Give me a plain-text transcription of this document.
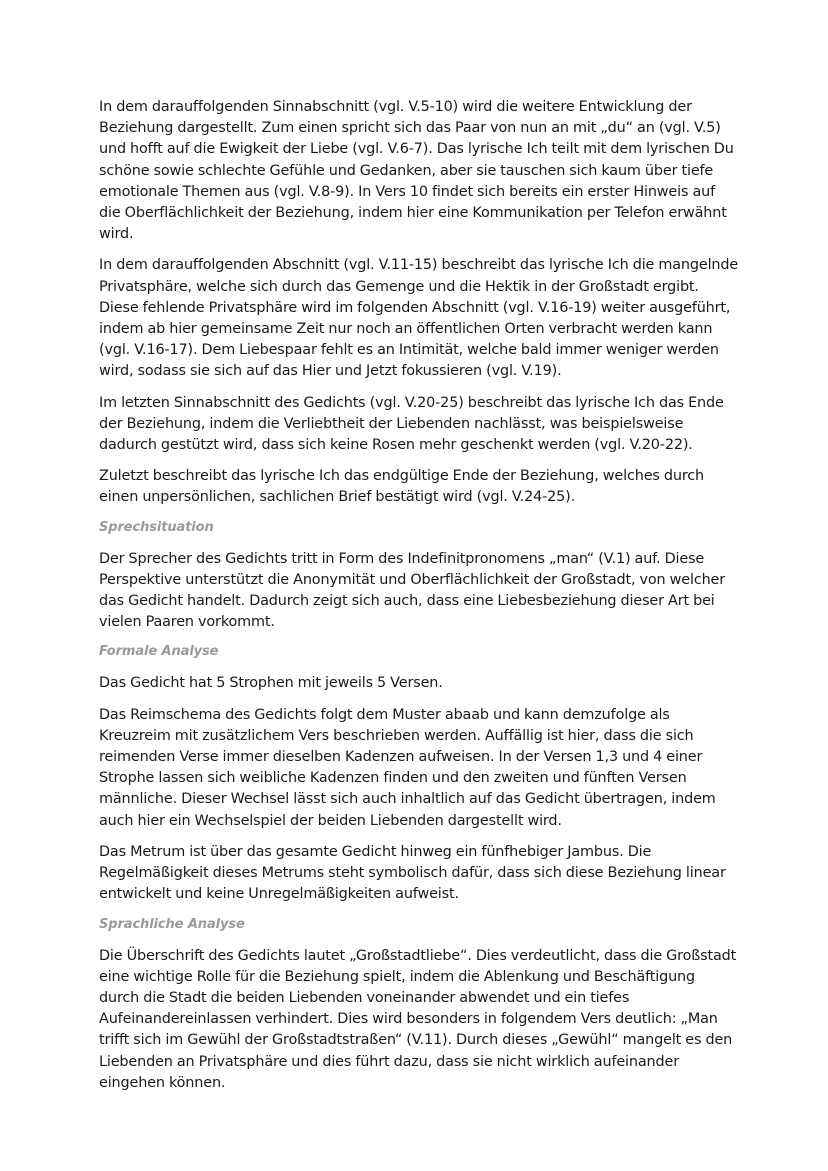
In dem darauffolgenden Sinnabschnitt (vgl. V.5-10) wird die weitere Entwicklung der Beziehung dargestellt. Zum einen spricht sich das Paar von nun an mit „du“ an (vgl. V.5) und hofft auf die Ewigkeit der Liebe (vgl. V.6-7). Das lyrische Ich teilt mit dem lyrischen Du schöne sowie schlechte Gefühle und Gedanken, aber sie tauschen sich kaum über tiefe emotionale Themen aus (vgl. V.8-9). In Vers 10 findet sich bereits ein erster Hinweis auf die Oberflächlichkeit der Beziehung, indem hier eine Kommunikation per Telefon erwähnt wird.

In dem darauffolgenden Abschnitt (vgl. V.11-15) beschreibt das lyrische Ich die mangelnde Privatsphäre, welche sich durch das Gemenge und die Hektik in der Großstadt ergibt. Diese fehlende Privatsphäre wird im folgenden Abschnitt (vgl. V.16-19) weiter ausgeführt, indem ab hier gemeinsame Zeit nur noch an öffentlichen Orten verbracht werden kann (vgl. V.16-17). Dem Liebespaar fehlt es an Intimität, welche bald immer weniger werden wird, sodass sie sich auf das Hier und Jetzt fokussieren (vgl. V.19).

Im letzten Sinnabschnitt des Gedichts (vgl. V.20-25) beschreibt das lyrische Ich das Ende der Beziehung, indem die Verliebtheit der Liebenden nachlässt, was beispielsweise dadurch gestützt wird, dass sich keine Rosen mehr geschenkt werden (vgl. V.20-22).

Zuletzt beschreibt das lyrische Ich das endgültige Ende der Beziehung, welches durch einen unpersönlichen, sachlichen Brief bestätigt wird (vgl. V.24-25).

Sprechsituation

Der Sprecher des Gedichts tritt in Form des Indefinitpronomens „man“ (V.1) auf. Diese Perspektive unterstützt die Anonymität und Oberflächlichkeit der Großstadt, von welcher das Gedicht handelt. Dadurch zeigt sich auch, dass eine Liebesbeziehung dieser Art bei vielen Paaren vorkommt.

Formale Analyse

Das Gedicht hat 5 Strophen mit jeweils 5 Versen.

Das Reimschema des Gedichts folgt dem Muster abaab und kann demzufolge als Kreuzreim mit zusätzlichem Vers beschrieben werden. Auffällig ist hier, dass die sich reimenden Verse immer dieselben Kadenzen aufweisen. In der Versen 1,3 und 4 einer Strophe lassen sich weibliche Kadenzen finden und den zweiten und fünften Versen männliche. Dieser Wechsel lässt sich auch inhaltlich auf das Gedicht übertragen, indem auch hier ein Wechselspiel der beiden Liebenden dargestellt wird.

Das Metrum ist über das gesamte Gedicht hinweg ein fünfhebiger Jambus. Die Regelmäßigkeit dieses Metrums steht symbolisch dafür, dass sich diese Beziehung linear entwickelt und keine Unregelmäßigkeiten aufweist.

Sprachliche Analyse

Die Überschrift des Gedichts lautet „Großstadtliebe“. Dies verdeutlicht, dass die Großstadt eine wichtige Rolle für die Beziehung spielt, indem die Ablenkung und Beschäftigung durch die Stadt die beiden Liebenden voneinander abwendet und ein tiefes Aufeinandereinlassen verhindert. Dies wird besonders in folgendem Vers deutlich: „Man trifft sich im Gewühl der Großstadtstraßen“ (V.11). Durch dieses „Gewühl“ mangelt es den Liebenden an Privatsphäre und dies führt dazu, dass sie nicht wirklich aufeinander eingehen können.
